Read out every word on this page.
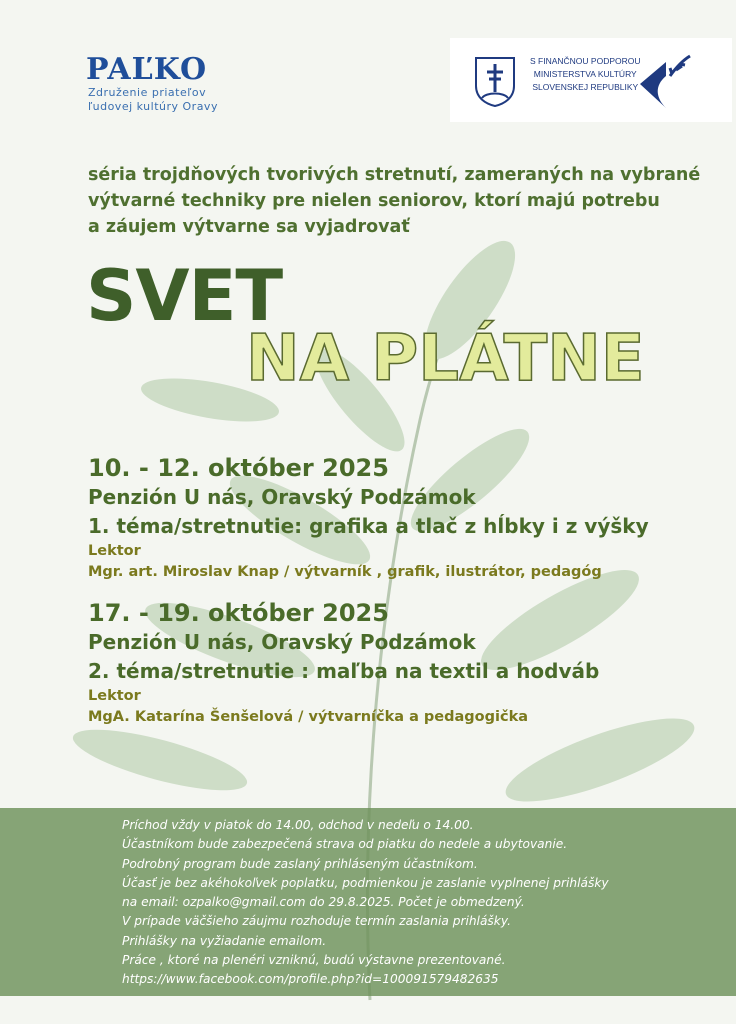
PAĽKO
Združenie priateľov
ľudovej kultúry Oravy
S FINANČNOU PODPOROU
MINISTERSTVA KULTÚRY
SLOVENSKEJ REPUBLIKY
séria trojdňových tvorivých stretnutí, zameraných na vybrané
výtvarné techniky pre nielen seniorov, ktorí majú potrebu
a záujem výtvarne sa vyjadrovať
SVET
NA PLÁTNE
10. - 12. október 2025
Penzión U nás, Oravský Podzámok
1. téma/stretnutie: grafika a tlač z hĺbky i z výšky
Lektor
Mgr. art. Miroslav Knap / výtvarník , grafik, ilustrátor, pedagóg
17. - 19. október 2025
Penzión U nás, Oravský Podzámok
2. téma/stretnutie : maľba na textil a hodváb
Lektor
MgA. Katarína Šenšelová / výtvarníčka a pedagogička
Príchod vždy v piatok do 14.00, odchod v nedeľu o 14.00.
Účastníkom bude zabezpečená strava od piatku do nedele a ubytovanie.
Podrobný program bude zaslaný prihláseným účastníkom.
Účasť je bez akéhokoľvek poplatku, podmienkou je zaslanie vyplnenej prihlášky
na email: ozpalko@gmail.com do 29.8.2025. Počet je obmedzený.
V prípade väčšieho záujmu rozhoduje termín zaslania prihlášky.
Prihlášky na vyžiadanie emailom.
Práce , ktoré na plenéri vzniknú, budú výstavne prezentované.
https://www.facebook.com/profile.php?id=100091579482635
